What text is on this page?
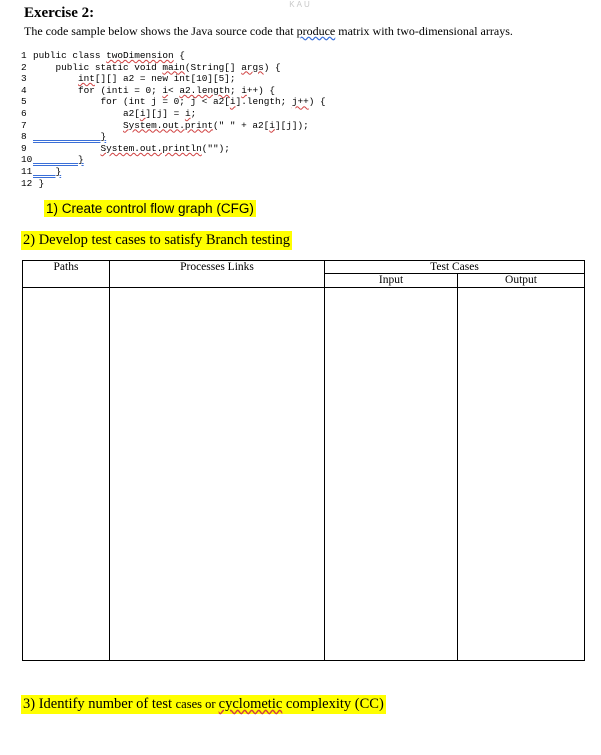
KAU
Exercise 2:
The code sample below shows the Java source code that produce matrix with two-dimensional arrays.
1 public class twoDimension {
2    public static void main(String[] args) {
3	int[][] a2 = new int[10][5];
4        for (inti = 0; i< a2.length; i++) {
5            for (int j = 0; j < a2[i].length; j++) {
6                a2[i][j] = i;
7	System.out.print(" " + a2[i][j]);
8            }
9	System.out.println("");
10        }
11    }
12 }
1) Create control flow graph (CFG)
2) Develop test cases to satisfy Branch testing
Paths	Processes Links	Test Cases	
		Input	Output

3) Identify number of test cases or cyclometic complexity (CC)
